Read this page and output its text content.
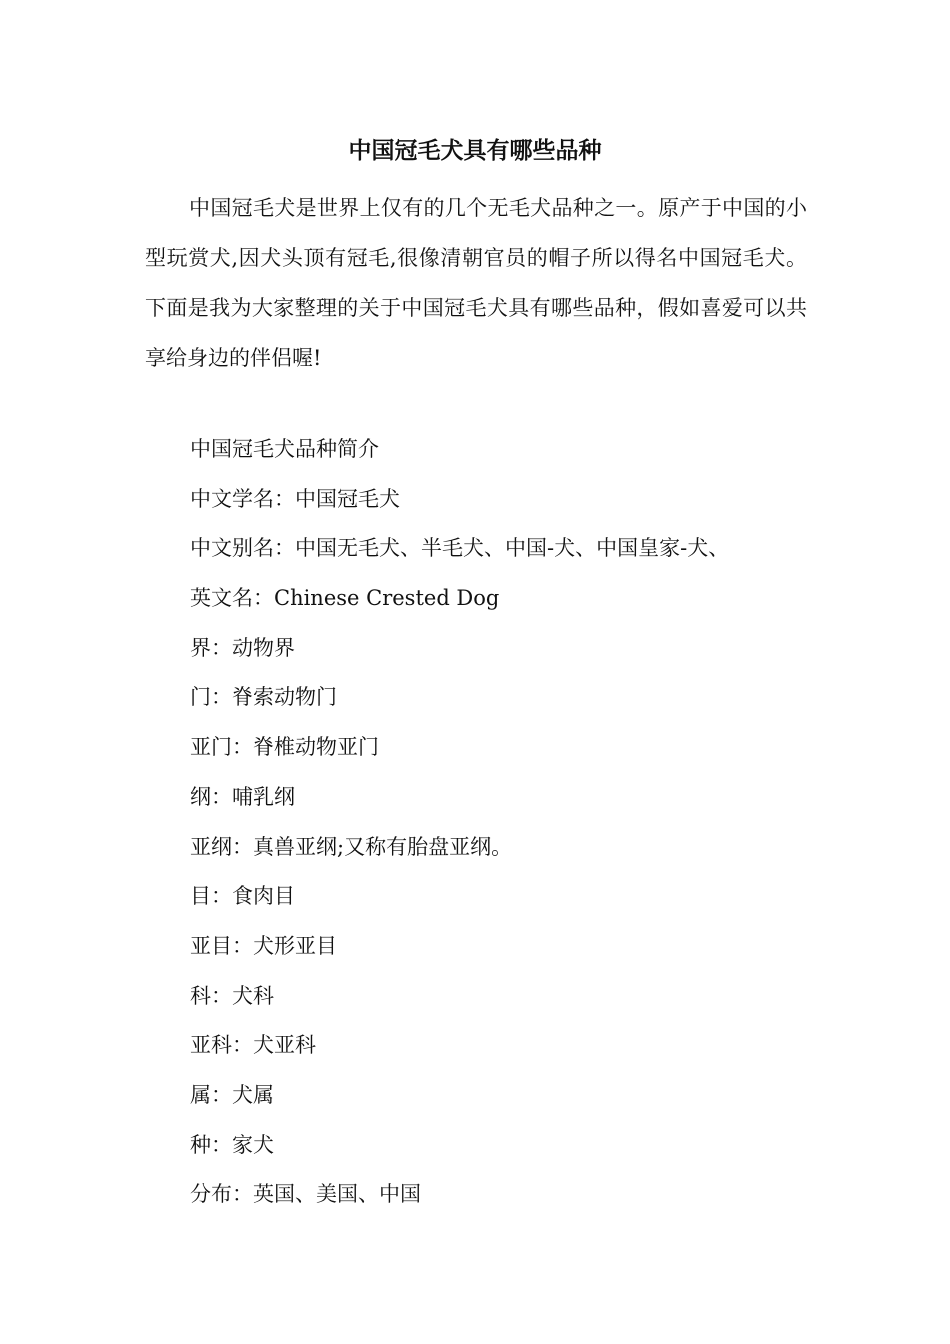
中国冠毛犬具有哪些品种

中国冠毛犬是世界上仅有的几个无毛犬品种之一。原产于中国的小型玩赏犬,因犬头顶有冠毛,很像清朝官员的帽子所以得名中国冠毛犬。下面是我为大家整理的关于中国冠毛犬具有哪些品种，假如喜爱可以共享给身边的伴侣喔!

中国冠毛犬品种简介
中文学名：中国冠毛犬
中文别名：中国无毛犬、半毛犬、中国-犬、中国皇家-犬、
英文名：Chinese Crested Dog
界：动物界
门：脊索动物门
亚门：脊椎动物亚门
纲：哺乳纲
亚纲：真兽亚纲;又称有胎盘亚纲。
目：食肉目
亚目：犬形亚目
科：犬科
亚科：犬亚科
属：犬属
种：家犬
分布：英国、美国、中国
